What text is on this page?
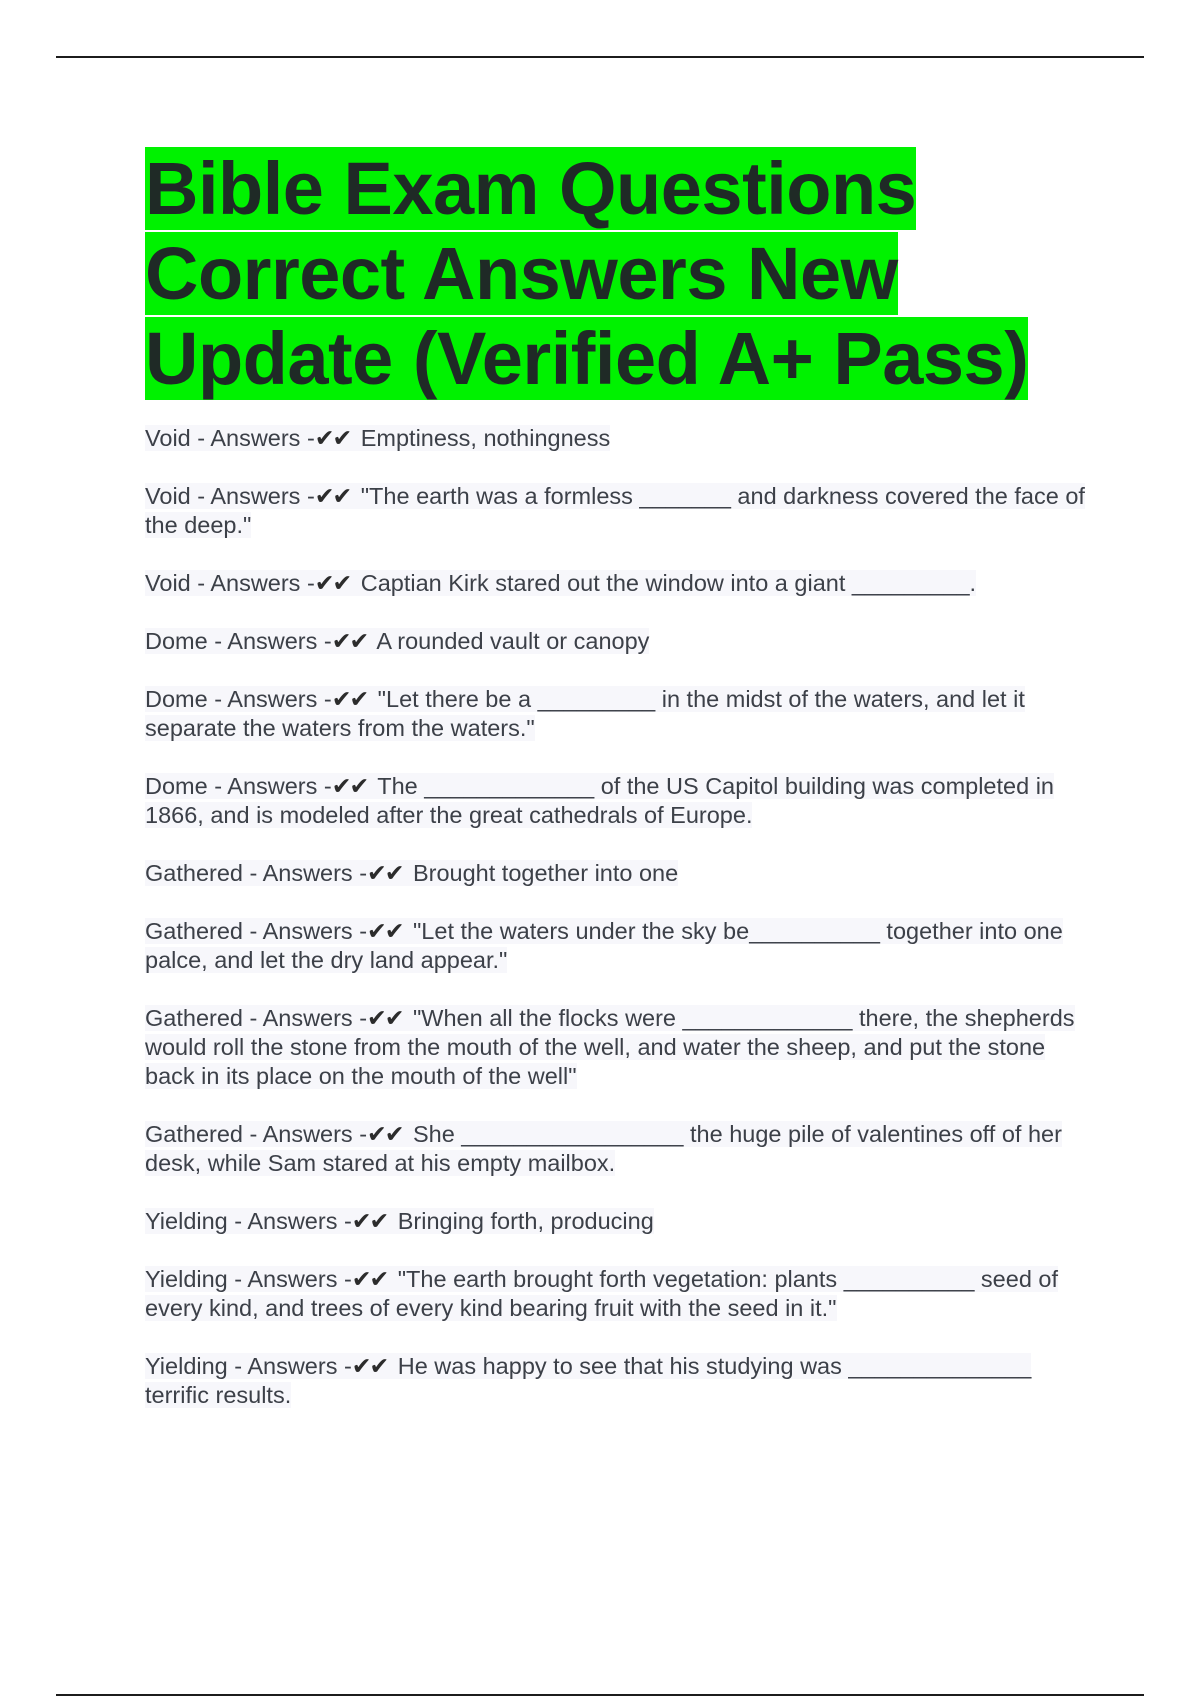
Bible Exam Questions Correct Answers New Update (Verified A+ Pass)

Void - Answers -✔✔ Emptiness, nothingness

Void - Answers -✔✔ "The earth was a formless _______ and darkness covered the face of the deep."

Void - Answers -✔✔ Captian Kirk stared out the window into a giant _________.

Dome - Answers -✔✔ A rounded vault or canopy

Dome - Answers -✔✔ "Let there be a _________ in the midst of the waters, and let it separate the waters from the waters."

Dome - Answers -✔✔ The _____________ of the US Capitol building was completed in 1866, and is modeled after the great cathedrals of Europe.

Gathered - Answers -✔✔ Brought together into one

Gathered - Answers -✔✔ "Let the waters under the sky be__________ together into one palce, and let the dry land appear."

Gathered - Answers -✔✔ "When all the flocks were _____________ there, the shepherds would roll the stone from the mouth of the well, and water the sheep, and put the stone back in its place on the mouth of the well"

Gathered - Answers -✔✔ She _________________ the huge pile of valentines off of her desk, while Sam stared at his empty mailbox.

Yielding - Answers -✔✔ Bringing forth, producing

Yielding - Answers -✔✔ "The earth brought forth vegetation: plants __________ seed of every kind, and trees of every kind bearing fruit with the seed in it."

Yielding - Answers -✔✔ He was happy to see that his studying was ______________ terrific results.
